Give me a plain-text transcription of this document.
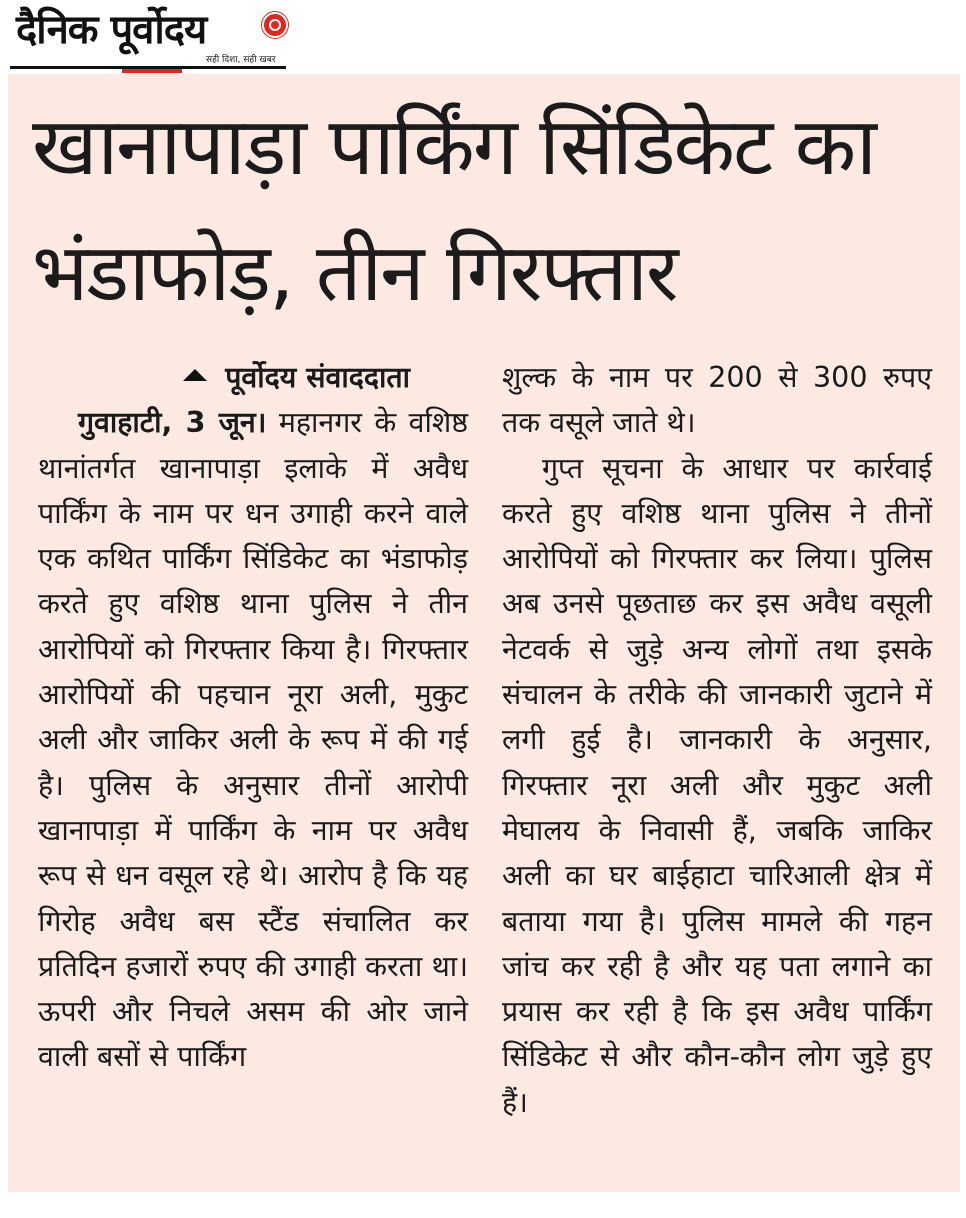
दैनिक पूर्वोदय
सही दिशा, सही खबर
खानापाड़ा पार्किंग सिंडिकेट का भंडाफोड़, तीन गिरफ्तार
पूर्वोदय संवाददाता
गुवाहाटी, 3 जून। महानगर के वशिष्ठ थानांतर्गत खानापाड़ा इलाके में अवैध पार्किंग के नाम पर धन उगाही करने वाले एक कथित पार्किंग सिंडिकेट का भंडाफोड़ करते हुए वशिष्ठ थाना पुलिस ने तीन आरोपियों को गिरफ्तार किया है। गिरफ्तार आरोपियों की पहचान नूरा अली, मुकुट अली और जाकिर अली के रूप में की गई है। पुलिस के अनुसार तीनों आरोपी खानापाड़ा में पार्किंग के नाम पर अवैध रूप से धन वसूल रहे थे। आरोप है कि यह गिरोह अवैध बस स्टैंड संचालित कर प्रतिदिन हजारों रुपए की उगाही करता था। ऊपरी और निचले असम की ओर जाने वाली बसों से पार्किंग
शुल्क के नाम पर 200 से 300 रुपए तक वसूले जाते थे।
गुप्त सूचना के आधार पर कार्रवाई करते हुए वशिष्ठ थाना पुलिस ने तीनों आरोपियों को गिरफ्तार कर लिया। पुलिस अब उनसे पूछताछ कर इस अवैध वसूली नेटवर्क से जुड़े अन्य लोगों तथा इसके संचालन के तरीके की जानकारी जुटाने में लगी हुई है। जानकारी के अनुसार, गिरफ्तार नूरा अली और मुकुट अली मेघालय के निवासी हैं, जबकि जाकिर अली का घर बाईहाटा चारिआली क्षेत्र में बताया गया है। पुलिस मामले की गहन जांच कर रही है और यह पता लगाने का प्रयास कर रही है कि इस अवैध पार्किंग सिंडिकेट से और कौन-कौन लोग जुड़े हुए हैं।
